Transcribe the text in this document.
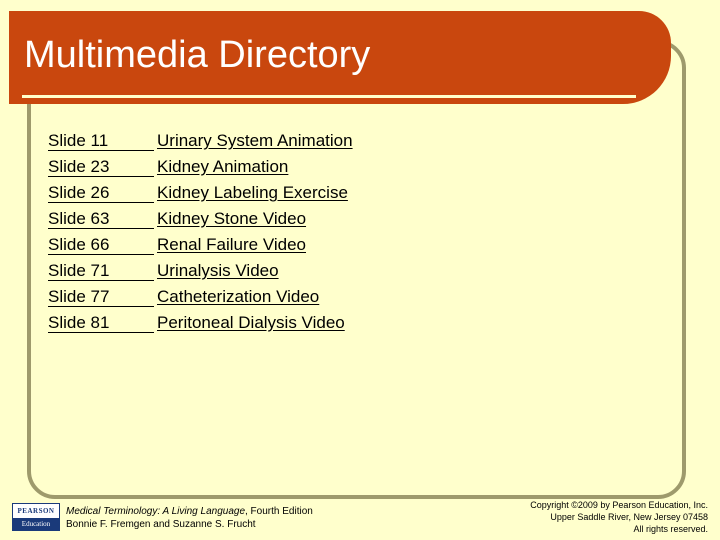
Multimedia Directory
Slide 11	Urinary System Animation
Slide 23	Kidney Animation
Slide 26	Kidney Labeling Exercise
Slide 63	Kidney Stone Video
Slide 66	Renal Failure Video
Slide 71	Urinalysis Video
Slide 77	Catheterization Video
Slide 81	Peritoneal Dialysis Video
PEARSON
Education
Medical Terminology: A Living Language, Fourth Edition
Bonnie F. Fremgen and Suzanne S. Frucht
Copyright ©2009 by Pearson Education, Inc.
Upper Saddle River, New Jersey 07458
All rights reserved.
